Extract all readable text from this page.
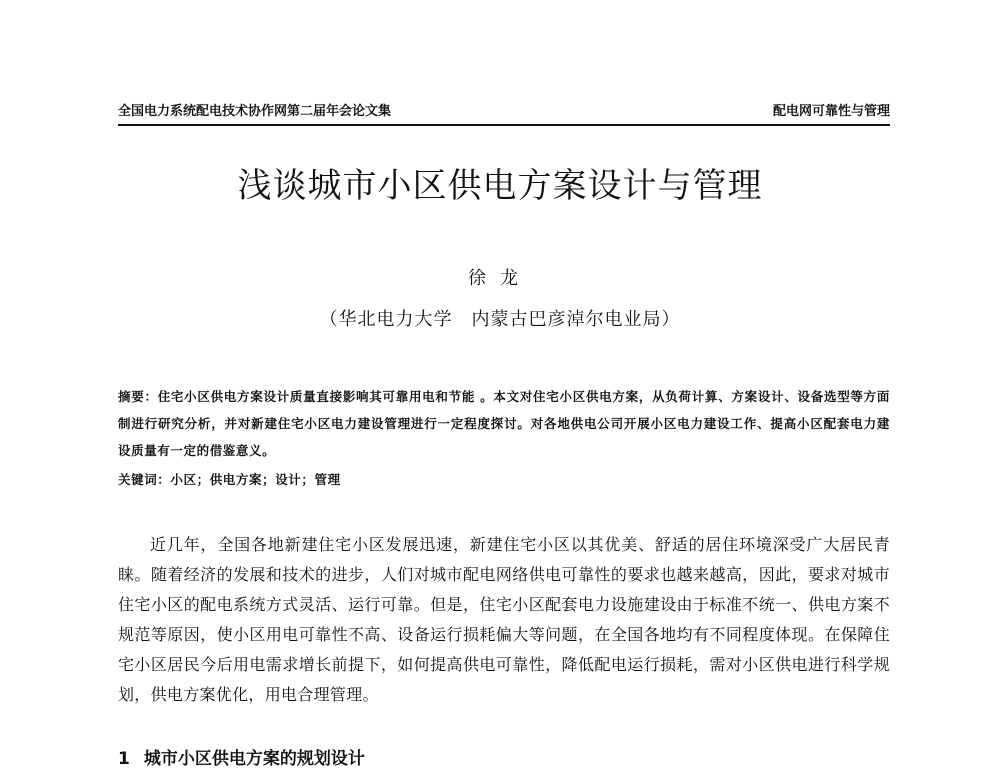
全国电力系统配电技术协作网第二届年会论文集	配电网可靠性与管理
浅谈城市小区供电方案设计与管理
徐龙
（华北电力大学　内蒙古巴彦淖尔电业局）
摘要：住宅小区供电方案设计质量直接影响其可靠用电和节能 。本文对住宅小区供电方案，从负荷计算、方案设计、设备选型等方面制进行研究分析，并对新建住宅小区电力建设管理进行一定程度探讨。对各地供电公司开展小区电力建设工作、提高小区配套电力建设质量有一定的借鉴意义。
关键词：小区；供电方案；设计；管理
近几年，全国各地新建住宅小区发展迅速，新建住宅小区以其优美、舒适的居住环境深受广大居民青睐。随着经济的发展和技术的进步，人们对城市配电网络供电可靠性的要求也越来越高，因此，要求对城市住宅小区的配电系统方式灵活、运行可靠。但是，住宅小区配套电力设施建设由于标准不统一、供电方案不规范等原因，使小区用电可靠性不高、设备运行损耗偏大等问题，在全国各地均有不同程度体现。在保障住宅小区居民今后用电需求增长前提下，如何提高供电可靠性，降低配电运行损耗，需对小区供电进行科学规划，供电方案优化，用电合理管理。
1 城市小区供电方案的规划设计
